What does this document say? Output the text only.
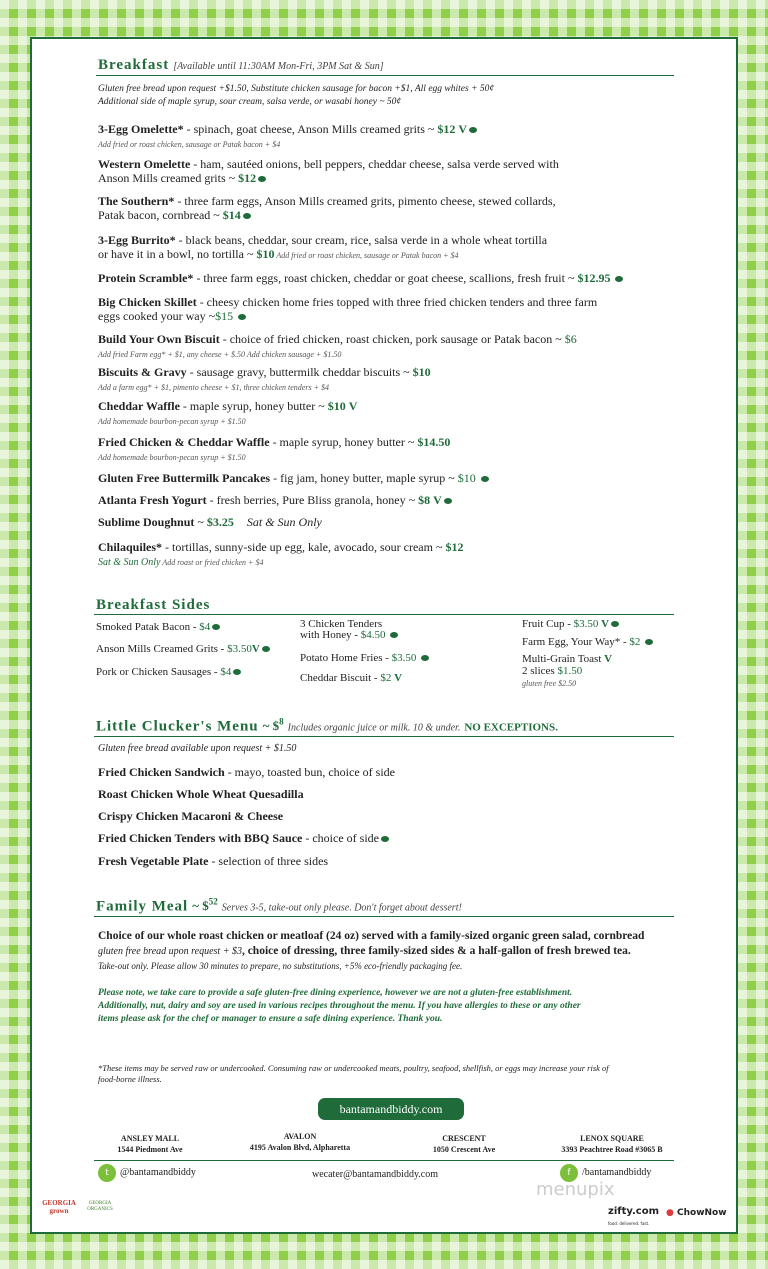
Breakfast [Available until 11:30AM Mon-Fri, 3PM Sat & Sun]
Gluten free bread upon request +$1.50, Substitute chicken sausage for bacon +$1, All egg whites + 50¢
Additional side of maple syrup, sour cream, salsa verde, or wasabi honey ~ 50¢
3-Egg Omelette* - spinach, goat cheese, Anson Mills creamed grits ~ $12 V
Add fried or roast chicken, sausage or Patak bacon + $4
Western Omelette - ham, sautéed onions, bell peppers, cheddar cheese, salsa verde served with
Anson Mills creamed grits ~ $12
The Southern* - three farm eggs, Anson Mills creamed grits, pimento cheese, stewed collards,
Patak bacon, cornbread ~ $14
3-Egg Burrito* - black beans, cheddar, sour cream, rice, salsa verde in a whole wheat tortilla
or have it in a bowl, no tortilla ~ $10 Add fried or roast chicken, sausage or Patak bacon + $4
Protein Scramble* - three farm eggs, roast chicken, cheddar or goat cheese, scallions, fresh fruit ~ $12.95
Big Chicken Skillet - cheesy chicken home fries topped with three fried chicken tenders and three farm
eggs cooked your way ~$15
Build Your Own Biscuit - choice of fried chicken, roast chicken, pork sausage or Patak bacon ~ $6
Add fried Farm egg* + $1, any cheese + $.50 Add chicken sausage + $1.50
Biscuits & Gravy - sausage gravy, buttermilk cheddar biscuits ~ $10
Add a farm egg* + $1, pimento cheese + $1, three chicken tenders + $4
Cheddar Waffle - maple syrup, honey butter ~ $10 V
Add homemade bourbon-pecan syrup + $1.50
Fried Chicken & Cheddar Waffle - maple syrup, honey butter ~ $14.50
Add homemade bourbon-pecan syrup + $1.50
Gluten Free Buttermilk Pancakes - fig jam, honey butter, maple syrup ~ $10
Atlanta Fresh Yogurt - fresh berries, Pure Bliss granola, honey ~ $8 V
Sublime Doughnut ~ $3.25 Sat & Sun Only
Chilaquiles* - tortillas, sunny-side up egg, kale, avocado, sour cream ~ $12
Sat & Sun Only Add roast or fried chicken + $4
Breakfast Sides
Smoked Patak Bacon - $4
Anson Mills Creamed Grits - $3.50V
Pork or Chicken Sausages - $4
3 Chicken Tenders
with Honey - $4.50
Potato Home Fries - $3.50
Cheddar Biscuit - $2 V
Fruit Cup - $3.50 V
Farm Egg, Your Way* - $2
Multi-Grain Toast V
2 slices $1.50
gluten free $2.50
Little Clucker's Menu ~ \$$^8$ Includes organic juice or milk. 10 & under. NO EXCEPTIONS.
Gluten free bread available upon request + $1.50
Fried Chicken Sandwich - mayo, toasted bun, choice of side
Roast Chicken Whole Wheat Quesadilla
Crispy Chicken Macaroni & Cheese
Fried Chicken Tenders with BBQ Sauce - choice of side
Fresh Vegetable Plate - selection of three sides
Family Meal ~ \$$^{52}$ Serves 3-5, take-out only please. Don't forget about dessert!
Choice of our whole roast chicken or meatloaf (24 oz) served with a family-sized organic green salad, cornbread
gluten free bread upon request + $3, choice of dressing, three family-sized sides & a half-gallon of fresh brewed tea.
Take-out only. Please allow 30 minutes to prepare, no substitutions, +5% eco-friendly packaging fee.
Please note, we take care to provide a safe gluten-free dining experience, however we are not a gluten-free establishment.
Additionally, nut, dairy and soy are used in various recipes throughout the menu. If you have allergies to these or any other
items please ask for the chef or manager to ensure a safe dining experience. Thank you.
*These items may be served raw or undercooked. Consuming raw or undercooked meats, poultry, seafood, shellfish, or eggs may increase your risk of
food-borne illness.
bantamandbiddy.com
ANSLEY MALL
1544 Piedmont Ave
AVALON
4195 Avalon Blvd, Alpharetta
CRESCENT
1050 Crescent Ave
LENOX SQUARE
3393 Peachtree Road #3065 B
t	@bantamandbiddy	wecater@bantamandbiddy.com	f	/bantamandbiddy
GEORGIA grown
GEORGIA ORGANICS
menupix
zifty.com
food. delivered. fast.
● ChowNow
